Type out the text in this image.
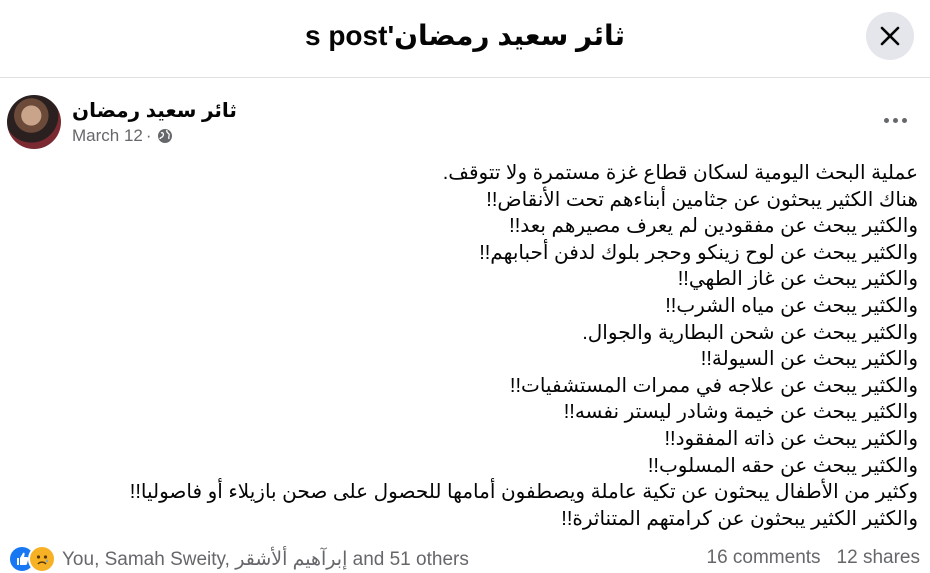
ثائر سعيد رمضان's post
ثائر سعيد رمضان
March 12 ·

عملية البحث اليومية لسكان قطاع غزة مستمرة ولا تتوقف.

هناك الكثير يبحثون عن جثامين أبناءهم تحت الأنقاض!!

والكثير يبحث عن مفقودين لم يعرف مصيرهم بعد!!

والكثير يبحث عن لوح زينكو وحجر بلوك لدفن أحبابهم!!

والكثير يبحث عن غاز الطهي!!

والكثير يبحث عن مياه الشرب!!

والكثير يبحث عن شحن البطارية والجوال.

والكثير يبحث عن السيولة!!

والكثير يبحث عن علاجه في ممرات المستشفيات!!

والكثير يبحث عن خيمة وشادر ليستر نفسه!!

والكثير يبحث عن ذاته المفقود!!

والكثير يبحث عن حقه المسلوب!!

وكثير من الأطفال يبحثون عن تكية عاملة ويصطفون أمامها للحصول على صحن بازيلاء أو فاصوليا!!

والكثير الكثير يبحثون عن كرامتهم المتناثرة!!

You, Samah Sweity, إبرآهيم ألأشقر and 51 others	16 comments 12 shares
